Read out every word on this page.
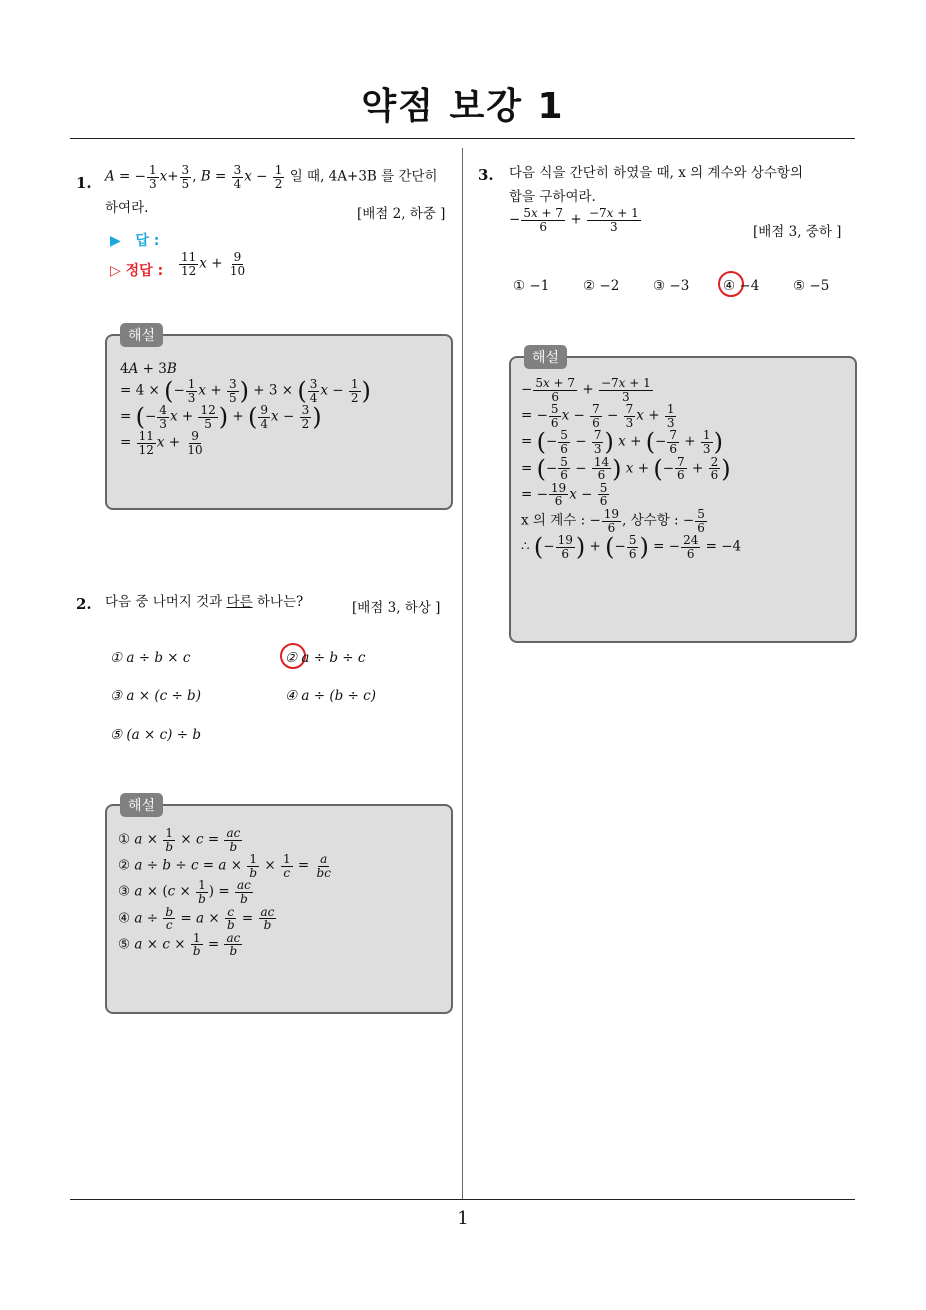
약점 보강 1
1. A = − $\frac{1}{3} x+ \frac{3}{5}$ , $B = \frac{3}{4}$ $x - \frac{1}{2}$ 일 때, 4A+3B 를 간단히
하여라.	[배점 2, 하중 ]
▶ 답 :
▷ 정답 : $\frac{11}{12}$ $x + \frac{9}{10}$
해설
4A + 3B
= 4 × (− $\frac{1}{3}$ $x + \frac{3}{5}$ ) + 3 × ( $\frac{3}{4}$ $x - \frac{1}{2}$ )
= (− $\frac{4}{3}$ $x + \frac{12}{5}$ ) + ( $\frac{9}{4}$ $x - \frac{3}{2}$ )
= $\frac{11}{12}$ $x + \frac{9}{10}$
2. 다음 중 나머지 것과 다른 하나는?	[배점 3, 하상 ]
① a ÷ b × c	② a ÷ b ÷ c
③ a × (c ÷ b)	④ a ÷ (b ÷ c)
⑤ (a × c) ÷ b
해설
① $a \times \frac{1}{b} \times c = \frac{ac}{b}$
② $a \div b \div c = a \times \frac{1}{b} \times \frac{1}{c} = \frac{a}{bc}$
③ $a \times (c \times \frac{1}{b}$ ) = $\frac{ac}{b}$
④ $a \div \frac{b}{c} = a \times \frac{c}{b} = \frac{ac}{b}$
⑤ $a \times c \times \frac{1}{b} = \frac{ac}{b}$
3. 다음 식을 간단히 하였을 때, x 의 계수와 상수항의
합을 구하여라.
− $\frac{5x + 7}{6} + \frac{-7x + 1}{3}$	[배점 3, 중하 ]
① −1 ② −2 ③ −3 ④ −4 ⑤ −5
해설
− $\frac{5x + 7}{6} + \frac{-7x + 1}{3}$
= − $\frac{5}{6}$ $x - \frac{7}{6} - \frac{7}{3}$ $x + \frac{1}{3}$
= (− $\frac{5}{6} - \frac{7}{3}$ ) x + (− $\frac{7}{6} + \frac{1}{3}$ )
= (− $\frac{5}{6} - \frac{14}{6}$ ) x + (− $\frac{7}{6} + \frac{2}{6}$ )
= − $\frac{19}{6}$ $x - \frac{5}{6}$
x 의 계수 : − $\frac{19}{6}$ , 상수항 : − $\frac{5}{6}$
∴ (− $\frac{19}{6}$ ) + (− $\frac{5}{6}$ ) = − $\frac{24}{6} = -4$
1
